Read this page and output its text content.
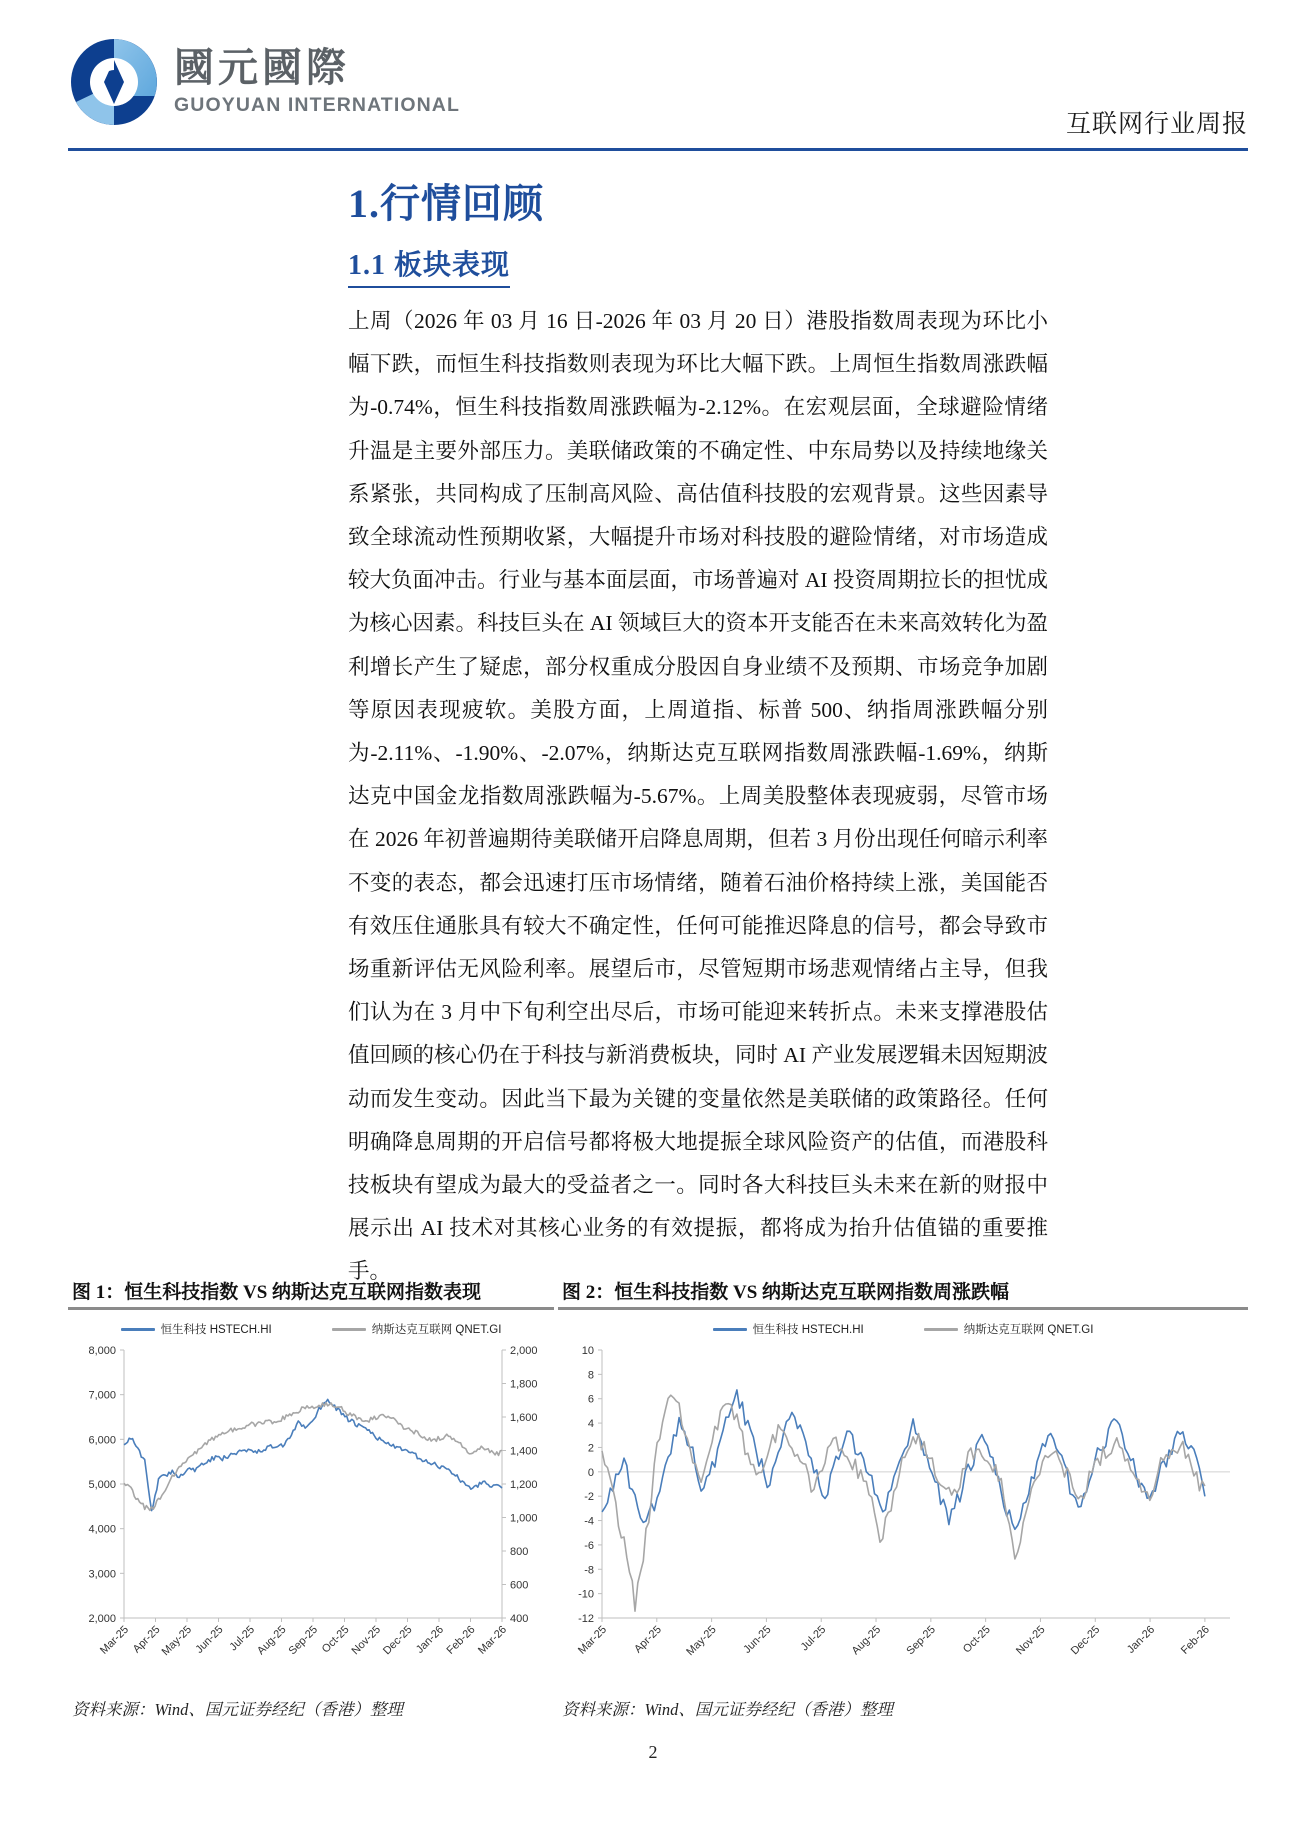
國元國際
GUOYUAN INTERNATIONAL
互联网行业周报
1.行情回顾
1.1 板块表现
上周（2026 年 03 月 16 日-2026 年 03 月 20 日）港股指数周表现为环比小幅下跌，而恒生科技指数则表现为环比大幅下跌。上周恒生指数周涨跌幅为-0.74%，恒生科技指数周涨跌幅为-2.12%。在宏观层面，全球避险情绪升温是主要外部压力。美联储政策的不确定性、中东局势以及持续地缘关系紧张，共同构成了压制高风险、高估值科技股的宏观背景。这些因素导致全球流动性预期收紧，大幅提升市场对科技股的避险情绪，对市场造成较大负面冲击。行业与基本面层面，市场普遍对 AI 投资周期拉长的担忧成为核心因素。科技巨头在 AI 领域巨大的资本开支能否在未来高效转化为盈利增长产生了疑虑，部分权重成分股因自身业绩不及预期、市场竞争加剧等原因表现疲软。美股方面，上周道指、标普 500、纳指周涨跌幅分别为-2.11%、-1.90%、-2.07%，纳斯达克互联网指数周涨跌幅-1.69%，纳斯达克中国金龙指数周涨跌幅为-5.67%。上周美股整体表现疲弱，尽管市场在 2026 年初普遍期待美联储开启降息周期，但若 3 月份出现任何暗示利率不变的表态，都会迅速打压市场情绪，随着石油价格持续上涨，美国能否有效压住通胀具有较大不确定性，任何可能推迟降息的信号，都会导致市场重新评估无风险利率。展望后市，尽管短期市场悲观情绪占主导，但我们认为在 3 月中下旬利空出尽后，市场可能迎来转折点。未来支撑港股估值回顾的核心仍在于科技与新消费板块，同时 AI 产业发展逻辑未因短期波动而发生变动。因此当下最为关键的变量依然是美联储的政策路径。任何明确降息周期的开启信号都将极大地提振全球风险资产的估值，而港股科技板块有望成为最大的受益者之一。同时各大科技巨头未来在新的财报中展示出 AI 技术对其核心业务的有效提振，都将成为抬升估值锚的重要推手。
图 1：恒生科技指数 VS 纳斯达克互联网指数表现	图 2：恒生科技指数 VS 纳斯达克互联网指数周涨跌幅
恒生科技 HSTECH.HI	纳斯达克互联网 QNET.GI
8,000
7,000
6,000
5,000
4,000
3,000
2,000
2,000
1,800
1,600
1,400
1,200
1,000
800
600
400
Mar-25 Apr-25
May-25 Jun-25 Jul-25
Aug-25
Sep-25 Oct-25
Nov-25
Dec-25 Jan-26
Feb-26
Mar-26
恒生科技 HSTECH.HI	纳斯达克互联网 QNET.GI
10
8
6
4
2
0
-2
-4
-6
-8
-10
-12
Mar-25 Apr-25 May-25 Jun-25 Jul-25 Aug-25 Sep-25 Oct-25 Nov-25 Dec-25 Jan-26 Feb-26
资料来源：Wind、国元证券经纪（香港）整理	资料来源：Wind、国元证券经纪（香港）整理
2
